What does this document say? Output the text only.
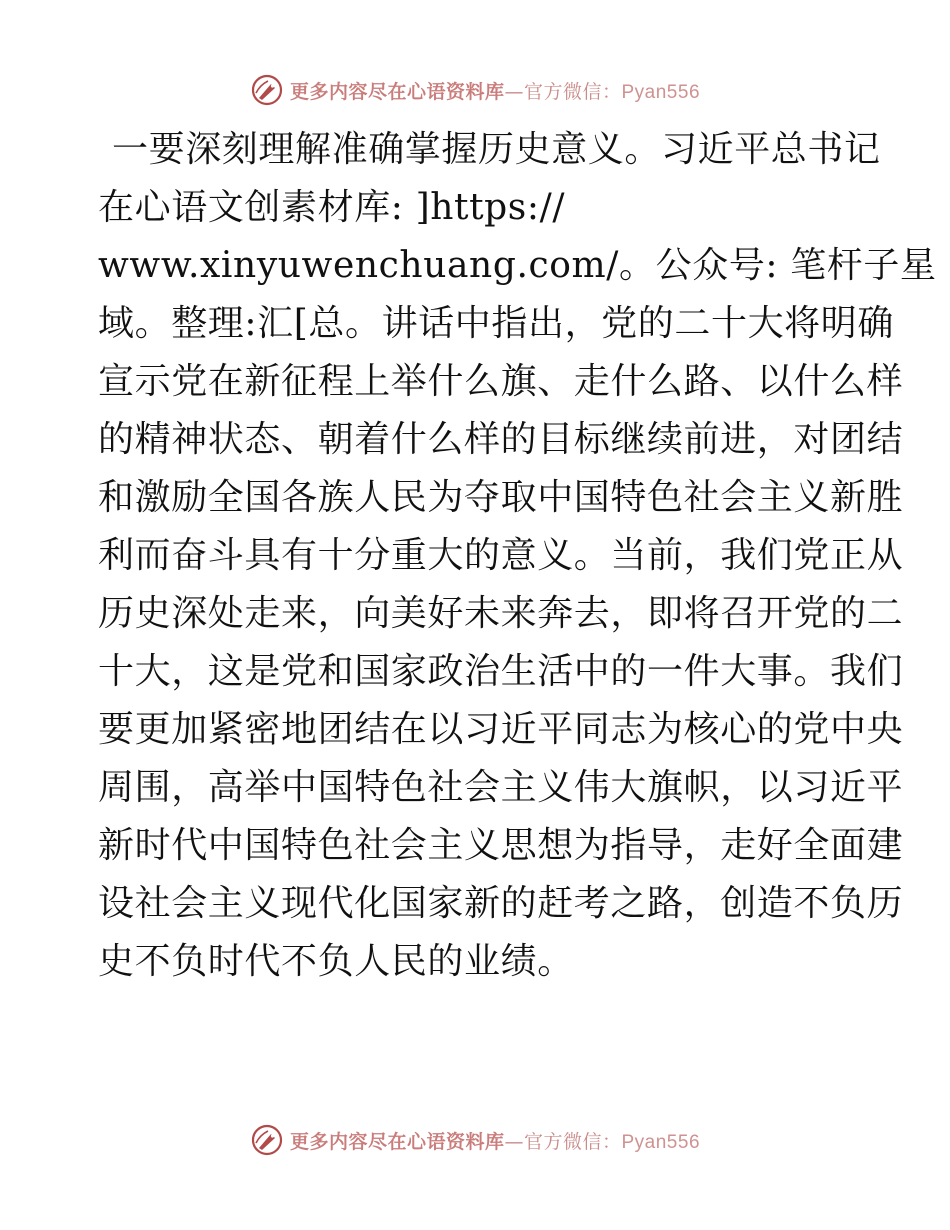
更多内容尽在心语资料库—官方微信：Pyan556
一要深刻理解准确掌握历史意义。习近平总书记
在心语文创素材库: ]https://
www.xinyuwenchuang.com/。公众号: 笔杆子星
域。整理:汇[总。讲话中指出，党的二十大将明确
宣示党在新征程上举什么旗、走什么路、以什么样
的精神状态、朝着什么样的目标继续前进，对团结
和激励全国各族人民为夺取中国特色社会主义新胜
利而奋斗具有十分重大的意义。当前，我们党正从
历史深处走来，向美好未来奔去，即将召开党的二
十大，这是党和国家政治生活中的一件大事。我们
要更加紧密地团结在以习近平同志为核心的党中央
周围，高举中国特色社会主义伟大旗帜，以习近平
新时代中国特色社会主义思想为指导，走好全面建
设社会主义现代化国家新的赶考之路，创造不负历
史不负时代不负人民的业绩。
更多内容尽在心语资料库—官方微信：Pyan556
